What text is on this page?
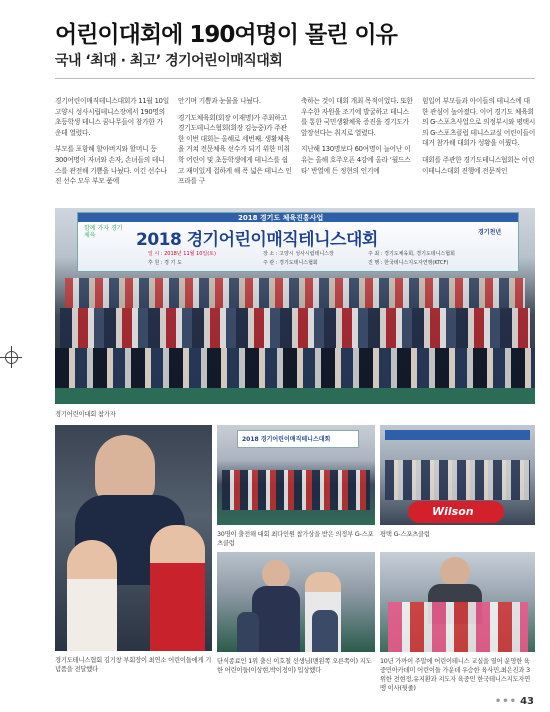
어린이대회에 190여명이 몰린 이유
국내 ‘최대 · 최고’ 경기어린이매직대회

경기어린이매직테니스대회가 11월 10일 고양시 성사시립테니스장에서 190명의 초등학생 테니스 꿈나무들이 참가한 가운데 열렸다.

부모를 포함해 할아버지와 할머니 등 300여명이 자녀와 손자, 손녀들의 테니스를 관전해 기쁨을 나눴다. 이긴 선수나 진 선수 모두 부모 품에

안기며 기쁨과 눈물을 나눴다.

경기도체육회(회장 이재명)가 주최하고 경기도테니스협회(회장 김능중)가 주관한 이번 대회는 올해로 세번째. 생활체육을 거쳐 전문체육 선수가 되기 위한 미취학 어린이 및 초등학생에게 테니스를 쉽고 재미있게 접하게 해 폭 넓은 테니스 인프라를 구

축하는 것이 대회 개최 목적이었다. 또한 우수한 자원을 조기에 발굴하고 테니스를 통한 국민생활체육 증진을 경기도가 앞장선다는 취지로 열렸다.

지난해 130명보다 60여명이 늘어난 이유는 올해 호주오픈 4강에 올라 ‘월드스타’ 반열에 든 정현의 인기에

힘입어 부모들과 아이들의 테니스에 대한 관심이 높아졌다. 이어 경기도 체육회의 G-스포츠사업으로 의정부시와 평택시의 G-스포츠클럽 테니스교실 어린이들이 대거 참가해 대회가 성황을 이뤘다.

대회를 주관한 경기도테니스협회는 어린이테니스대회 진행에 전문적인

2018 경기도 체육진흥사업
함께 가자 경기 체육	2018 경기어린이매직테니스대회	경기천년
일 시 : 2018년 11월 10일(토)	장 소 : 고양시 성사시립테니스장	주 최 : 경기도체육회, 경기도테니스협회
후 원 : 경 기 도	주 관 : 경기도테니스협회	진 행 : 한국테니스지도자연맹(KTCF)
경기어린이대회 참가자
경기도테니스협회 김기창 부회장이 최연소 어린이들에게 기념품을 전달했다
2018 경기어린이매직테니스대회
30명이 출전해 대회 최다인원 참가상을 받은 의정부 G-스포츠클럽
Wilson
평택 G-스포츠클럽
단식종료인 1위 출신 이호철 선생님(맨왼쪽 오른쪽이) 지도한 어린이들(이상현,박이정이) 입상했다
10년 가까이 주말에 어린이테니스 교실을 열어 운영한 육중민아카데미 어린이들 가운데 우승한 육사민,최은진과 3위한 전현정,유지환과 지도자 육중민 한국테니스지도자연맹 이사(뒷줄)
••• 43
